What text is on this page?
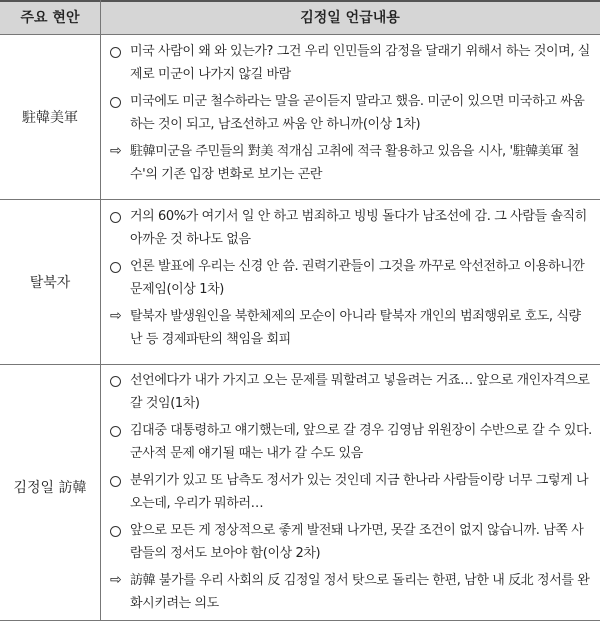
주요 현안	김정일 언급내용
駐韓美軍

미국 사람이 왜 와 있는가? 그건 우리 인민들의 감정을 달래기 위해서 하는 것이며, 실제로 미군이 나가지 않길 바람

미국에도 미군 철수하라는 말을 곧이듣지 말라고 했음. 미군이 있으면 미국하고 싸움하는 것이 되고, 남조선하고 싸움 안 하니까(이상 1차)

⇨ 駐韓미군을 주민들의 對美 적개심 고취에 적극 활용하고 있음을 시사, '駐韓美軍 철수'의 기존 입장 변화로 보기는 곤란

탈북자

거의 60%가 여기서 일 안 하고 범죄하고 빙빙 돌다가 남조선에 감. 그 사람들 솔직히 아까운 것 하나도 없음

언론 발표에 우리는 신경 안 씀. 권력기관들이 그것을 까꾸로 악선전하고 이용하니깐 문제임(이상 1차)

⇨ 탈북자 발생원인을 북한체제의 모순이 아니라 탈북자 개인의 범죄행위로 호도, 식량난 등 경제파탄의 책임을 회피

김정일 訪韓

선언에다가 내가 가지고 오는 문제를 뭐할려고 넣을려는 거죠… 앞으로 개인자격으로 갈 것임(1차)

김대중 대통령하고 얘기했는데, 앞으로 갈 경우 김영남 위원장이 수반으로 갈 수 있다. 군사적 문제 얘기될 때는 내가 갈 수도 있음

분위기가 있고 또 남측도 정서가 있는 것인데 지금 한나라 사람들이랑 너무 그렇게 나오는데, 우리가 뭐하러…

앞으로 모든 게 정상적으로 좋게 발전돼 나가면, 못갈 조건이 없지 않습니까. 남쪽 사람들의 정서도 보아야 함(이상 2차)

⇨ 訪韓 불가를 우리 사회의 反 김정일 정서 탓으로 돌리는 한편, 남한 내 反北 정서를 완화시키려는 의도
